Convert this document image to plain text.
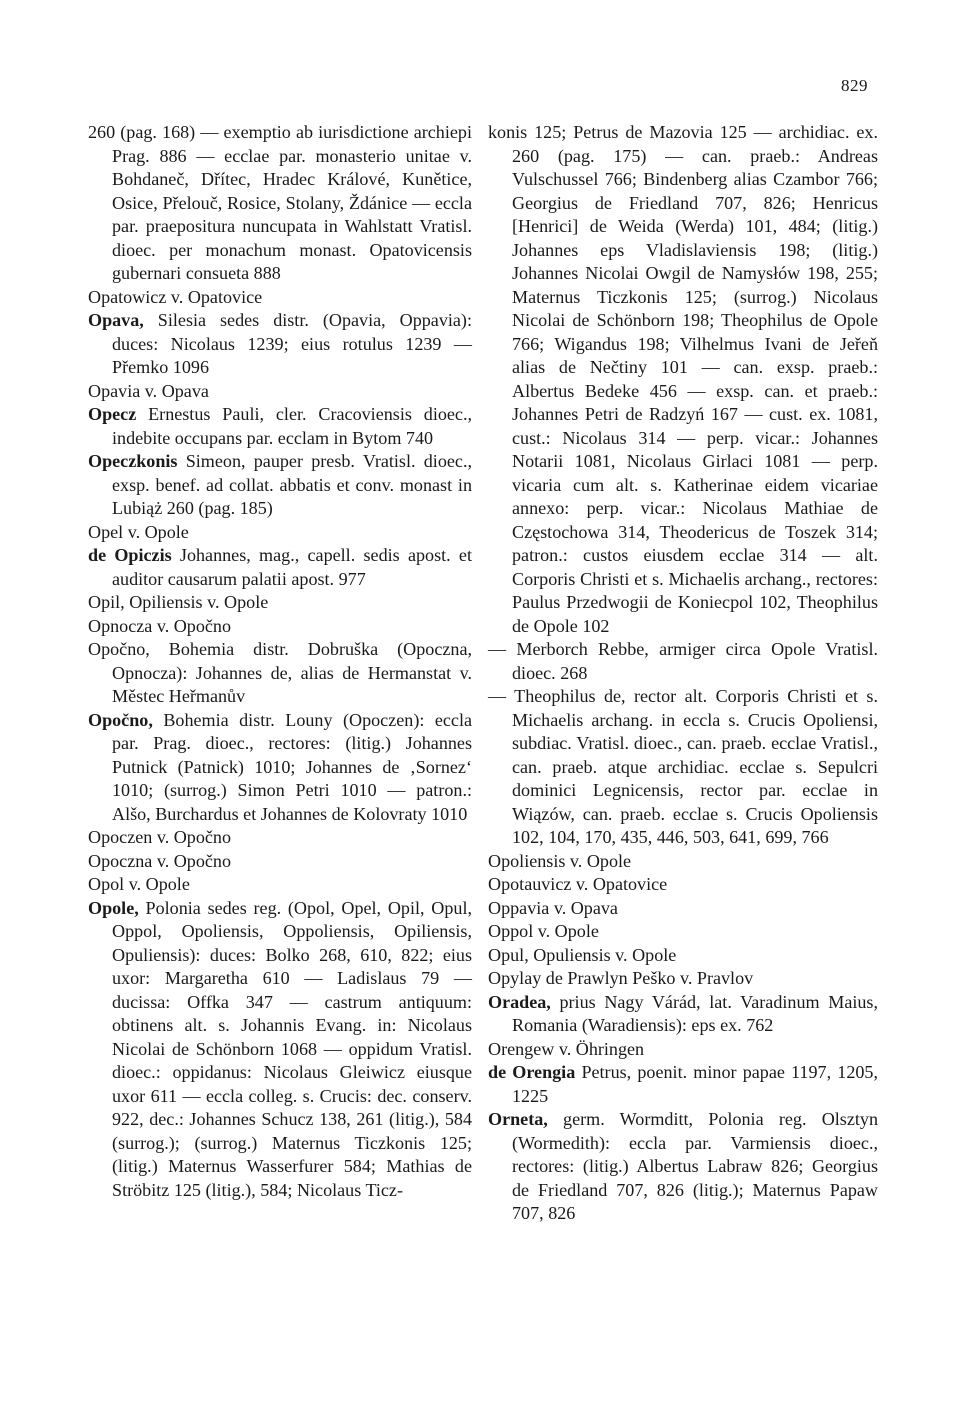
829
260 (pag. 168) — exemptio ab iurisdictione archiepi Prag. 886 — ecclae par. monasterio unitae v. Bohdaneč, Dřítec, Hradec Králové, Kunětice, Osice, Přelouč, Rosice, Stolany, Ždánice — eccla par. praepositura nuncupata in Wahlstatt Vratisl. dioec. per monachum monast. Opatovicensis gubernari consueta 888
Opatowicz v. Opatovice
Opava, Silesia sedes distr. (Opavia, Oppavia): duces: Nicolaus 1239; eius rotulus 1239 — Přemko 1096
Opavia v. Opava
Opecz Ernestus Pauli, cler. Cracoviensis dioec., indebite occupans par. ecclam in Bytom 740
Opeczkonis Simeon, pauper presb. Vratisl. dioec., exsp. benef. ad collat. abbatis et conv. monast in Lubiąż 260 (pag. 185)
Opel v. Opole
de Opiczis Johannes, mag., capell. sedis apost. et auditor causarum palatii apost. 977
Opil, Opiliensis v. Opole
Opnocza v. Opočno
Opočno, Bohemia distr. Dobruška (Opoczna, Opnocza): Johannes de, alias de Hermanstat v. Městec Heřmanův
Opočno, Bohemia distr. Louny (Opoczen): eccla par. Prag. dioec., rectores: (litig.) Johannes Putnick (Patnick) 1010; Johannes de ‚Sornez‘ 1010; (surrog.) Simon Petri 1010 — patron.: Alšo, Burchardus et Johannes de Kolovraty 1010
Opoczen v. Opočno
Opoczna v. Opočno
Opol v. Opole
Opole, Polonia sedes reg. (Opol, Opel, Opil, Opul, Oppol, Opoliensis, Oppoliensis, Opiliensis, Opuliensis): duces: Bolko 268, 610, 822; eius uxor: Margaretha 610 — Ladislaus 79 — ducissa: Offka 347 — castrum antiquum: obtinens alt. s. Johannis Evang. in: Nicolaus Nicolai de Schönborn 1068 — oppidum Vratisl. dioec.: oppidanus: Nicolaus Gleiwicz eiusque uxor 611 — eccla colleg. s. Crucis: dec. conserv. 922, dec.: Johannes Schucz 138, 261 (litig.), 584 (surrog.); (surrog.) Maternus Ticzkonis 125; (litig.) Maternus Wasserfurer 584; Mathias de Ströbitz 125 (litig.), 584; Nicolaus Ticz-
konis 125; Petrus de Mazovia 125 — archidiac. ex. 260 (pag. 175) — can. praeb.: Andreas Vulschussel 766; Bindenberg alias Czambor 766; Georgius de Friedland 707, 826; Henricus [Henrici] de Weida (Werda) 101, 484; (litig.) Johannes eps Vladislaviensis 198; (litig.) Johannes Nicolai Owgil de Namysłów 198, 255; Maternus Ticzkonis 125; (surrog.) Nicolaus Nicolai de Schönborn 198; Theophilus de Opole 766; Wigandus 198; Vilhelmus Ivani de Jeřeň alias de Nečtiny 101 — can. exsp. praeb.: Albertus Bedeke 456 — exsp. can. et praeb.: Johannes Petri de Radzyń 167 — cust. ex. 1081, cust.: Nicolaus 314 — perp. vicar.: Johannes Notarii 1081, Nicolaus Girlaci 1081 — perp. vicaria cum alt. s. Katherinae eidem vicariae annexo: perp. vicar.: Nicolaus Mathiae de Częstochowa 314, Theodericus de Toszek 314; patron.: custos eiusdem ecclae 314 — alt. Corporis Christi et s. Michaelis archang., rectores: Paulus Przedwogii de Koniecpol 102, Theophilus de Opole 102
— Merborch Rebbe, armiger circa Opole Vratisl. dioec. 268
— Theophilus de, rector alt. Corporis Christi et s. Michaelis archang. in eccla s. Crucis Opoliensi, subdiac. Vratisl. dioec., can. praeb. ecclae Vratisl., can. praeb. atque archidiac. ecclae s. Sepulcri dominici Legnicensis, rector par. ecclae in Wiązów, can. praeb. ecclae s. Crucis Opoliensis 102, 104, 170, 435, 446, 503, 641, 699, 766
Opoliensis v. Opole
Opotauvicz v. Opatovice
Oppavia v. Opava
Oppol v. Opole
Opul, Opuliensis v. Opole
Opylay de Prawlyn Peško v. Pravlov
Oradea, prius Nagy Várád, lat. Varadinum Maius, Romania (Waradiensis): eps ex. 762
Orengew v. Öhringen
de Orengia Petrus, poenit. minor papae 1197, 1205, 1225
Orneta, germ. Wormditt, Polonia reg. Olsztyn (Wormedith): eccla par. Varmiensis dioec., rectores: (litig.) Albertus Labraw 826; Georgius de Friedland 707, 826 (litig.); Maternus Papaw 707, 826
